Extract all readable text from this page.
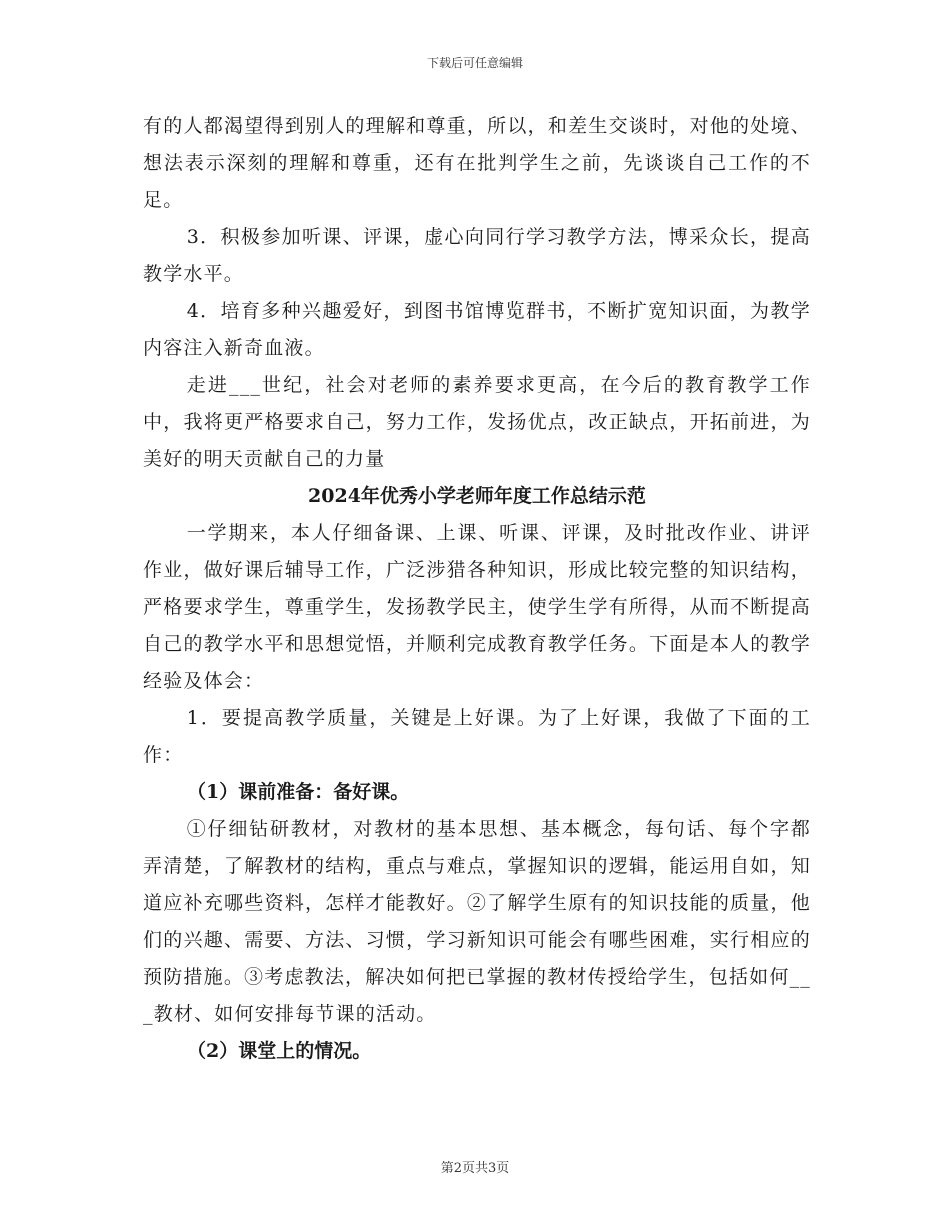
下载后可任意编辑

有的人都渴望得到别人的理解和尊重，所以，和差生交谈时，对他的处境、想法表示深刻的理解和尊重，还有在批判学生之前，先谈谈自己工作的不足。

3．积极参加听课、评课，虚心向同行学习教学方法，博采众长，提高教学水平。

4．培育多种兴趣爱好，到图书馆博览群书，不断扩宽知识面，为教学内容注入新奇血液。

走进___世纪，社会对老师的素养要求更高，在今后的教育教学工作中，我将更严格要求自己，努力工作，发扬优点，改正缺点，开拓前进，为美好的明天贡献自己的力量

2024年优秀小学老师年度工作总结示范

一学期来，本人仔细备课、上课、听课、评课，及时批改作业、讲评作业，做好课后辅导工作，广泛涉猎各种知识，形成比较完整的知识结构，严格要求学生，尊重学生，发扬教学民主，使学生学有所得，从而不断提高自己的教学水平和思想觉悟，并顺利完成教育教学任务。下面是本人的教学经验及体会：

1．要提高教学质量，关键是上好课。为了上好课，我做了下面的工作：

（1）课前准备：备好课。

①仔细钻研教材，对教材的基本思想、基本概念，每句话、每个字都弄清楚，了解教材的结构，重点与难点，掌握知识的逻辑，能运用自如，知道应补充哪些资料，怎样才能教好。②了解学生原有的知识技能的质量，他们的兴趣、需要、方法、习惯，学习新知识可能会有哪些困难，实行相应的预防措施。③考虑教法，解决如何把已掌握的教材传授给学生，包括如何___教材、如何安排每节课的活动。

（2）课堂上的情况。

第2页共3页
